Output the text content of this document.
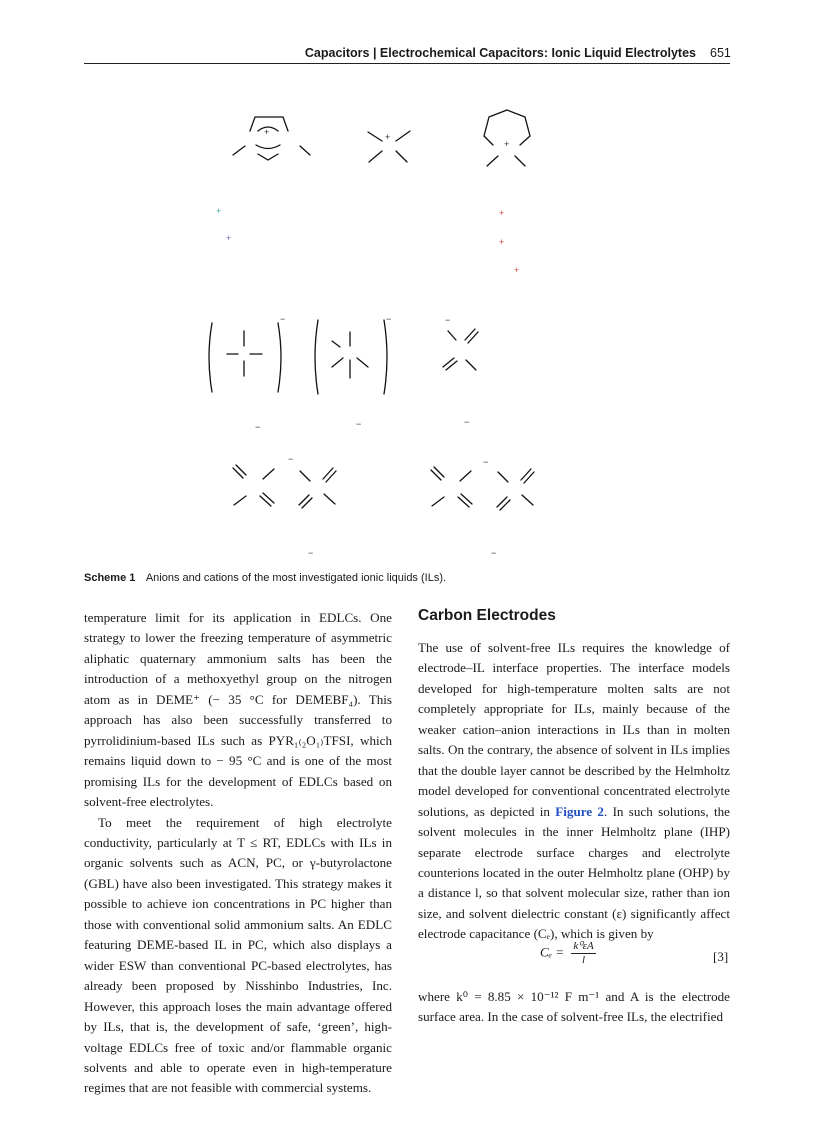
Capacitors | Electrochemical Capacitors: Ionic Liquid Electrolytes 651
+	+
+
+
+
+
+
+
−	−	−
−	−	−
−	−
−	−
Scheme 1 Anions and cations of the most investigated ionic liquids (ILs).

temperature limit for its application in EDLCs. One strategy to lower the freezing temperature of asymmetric aliphatic quaternary ammonium salts has been the introduction of a methoxyethyl group on the nitrogen atom as in DEME⁺ (− 35 °C for DEMEBF₄). This approach has also been successfully transferred to pyrrolidinium-based ILs such as PYR₁₍₂O₁₎TFSI, which remains liquid down to − 95 °C and is one of the most promising ILs for the development of EDLCs based on solvent-free electrolytes.

To meet the requirement of high electrolyte conductivity, particularly at T ≤ RT, EDLCs with ILs in organic solvents such as ACN, PC, or γ-butyrolactone (GBL) have also been investigated. This strategy makes it possible to achieve ion concentrations in PC higher than those with conventional solid ammonium salts. An EDLC featuring DEME-based IL in PC, which also displays a wider ESW than conventional PC-based electrolytes, has already been proposed by Nisshinbo Industries, Inc. However, this approach loses the main advantage offered by ILs, that is, the development of safe, ‘green’, high-voltage EDLCs free of toxic and/or flammable organic solvents and able to operate even in high-temperature regimes that are not feasible with commercial systems.

Carbon Electrodes

The use of solvent-free ILs requires the knowledge of electrode–IL interface properties. The interface models developed for high-temperature molten salts are not completely appropriate for ILs, mainly because of the weaker cation–anion interactions in ILs than in molten salts. On the contrary, the absence of solvent in ILs implies that the double layer cannot be described by the Helmholtz model developed for conventional concentrated electrolyte solutions, as depicted in Figure 2. In such solutions, the solvent molecules in the inner Helmholtz plane (IHP) separate electrode surface charges and electrolyte counterions located in the outer Helmholtz plane (OHP) by a distance l, so that solvent molecular size, rather than ion size, and solvent dielectric constant (ε) significantly affect electrode capacitance (Cₑ), which is given by

$C_e = \frac{\text{k⁰εA}}{l}$	[3]
where k⁰ = 8.85 × 10⁻¹² F m⁻¹ and A is the electrode surface area. In the case of solvent-free ILs, the electrified
